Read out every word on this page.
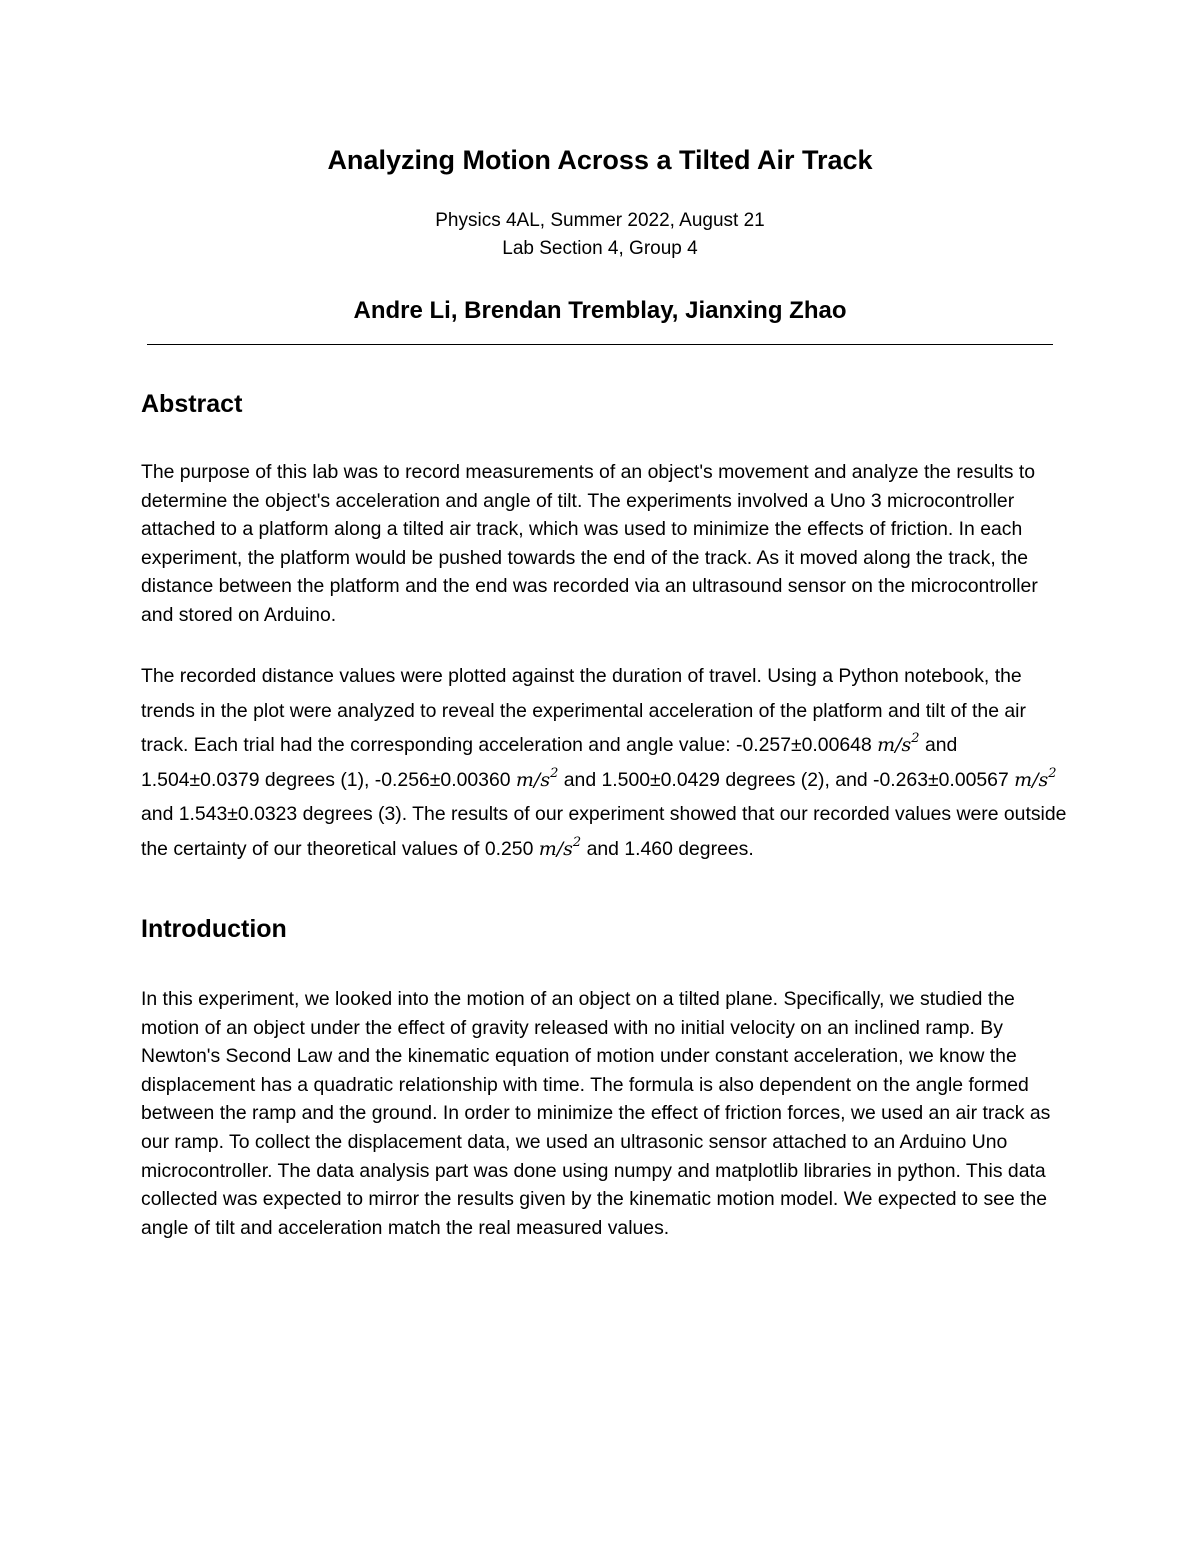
Analyzing Motion Across a Tilted Air Track
Physics 4AL, Summer 2022, August 21
Lab Section 4, Group 4
Andre Li, Brendan Tremblay, Jianxing Zhao
Abstract

The purpose of this lab was to record measurements of an object's movement and analyze the results to determine the object's acceleration and angle of tilt. The experiments involved a Uno 3 microcontroller attached to a platform along a tilted air track, which was used to minimize the effects of friction. In each experiment, the platform would be pushed towards the end of the track. As it moved along the track, the distance between the platform and the end was recorded via an ultrasound sensor on the microcontroller and stored on Arduino.

The recorded distance values were plotted against the duration of travel. Using a Python notebook, the trends in the plot were analyzed to reveal the experimental acceleration of the platform and tilt of the air track. Each trial had the corresponding acceleration and angle value: -0.257±0.00648 $m/s^2$ and 1.504±0.0379 degrees (1), -0.256±0.00360 $m/s^2$ and 1.500±0.0429 degrees (2), and -0.263±0.00567 $m/s^2$ and 1.543±0.0323 degrees (3). The results of our experiment showed that our recorded values were outside the certainty of our theoretical values of 0.250 $m/s^2$ and 1.460 degrees.

Introduction

In this experiment, we looked into the motion of an object on a tilted plane. Specifically, we studied the motion of an object under the effect of gravity released with no initial velocity on an inclined ramp. By Newton's Second Law and the kinematic equation of motion under constant acceleration, we know the displacement has a quadratic relationship with time. The formula is also dependent on the angle formed between the ramp and the ground. In order to minimize the effect of friction forces, we used an air track as our ramp. To collect the displacement data, we used an ultrasonic sensor attached to an Arduino Uno microcontroller. The data analysis part was done using numpy and matplotlib libraries in python. This data collected was expected to mirror the results given by the kinematic motion model. We expected to see the angle of tilt and acceleration match the real measured values.
